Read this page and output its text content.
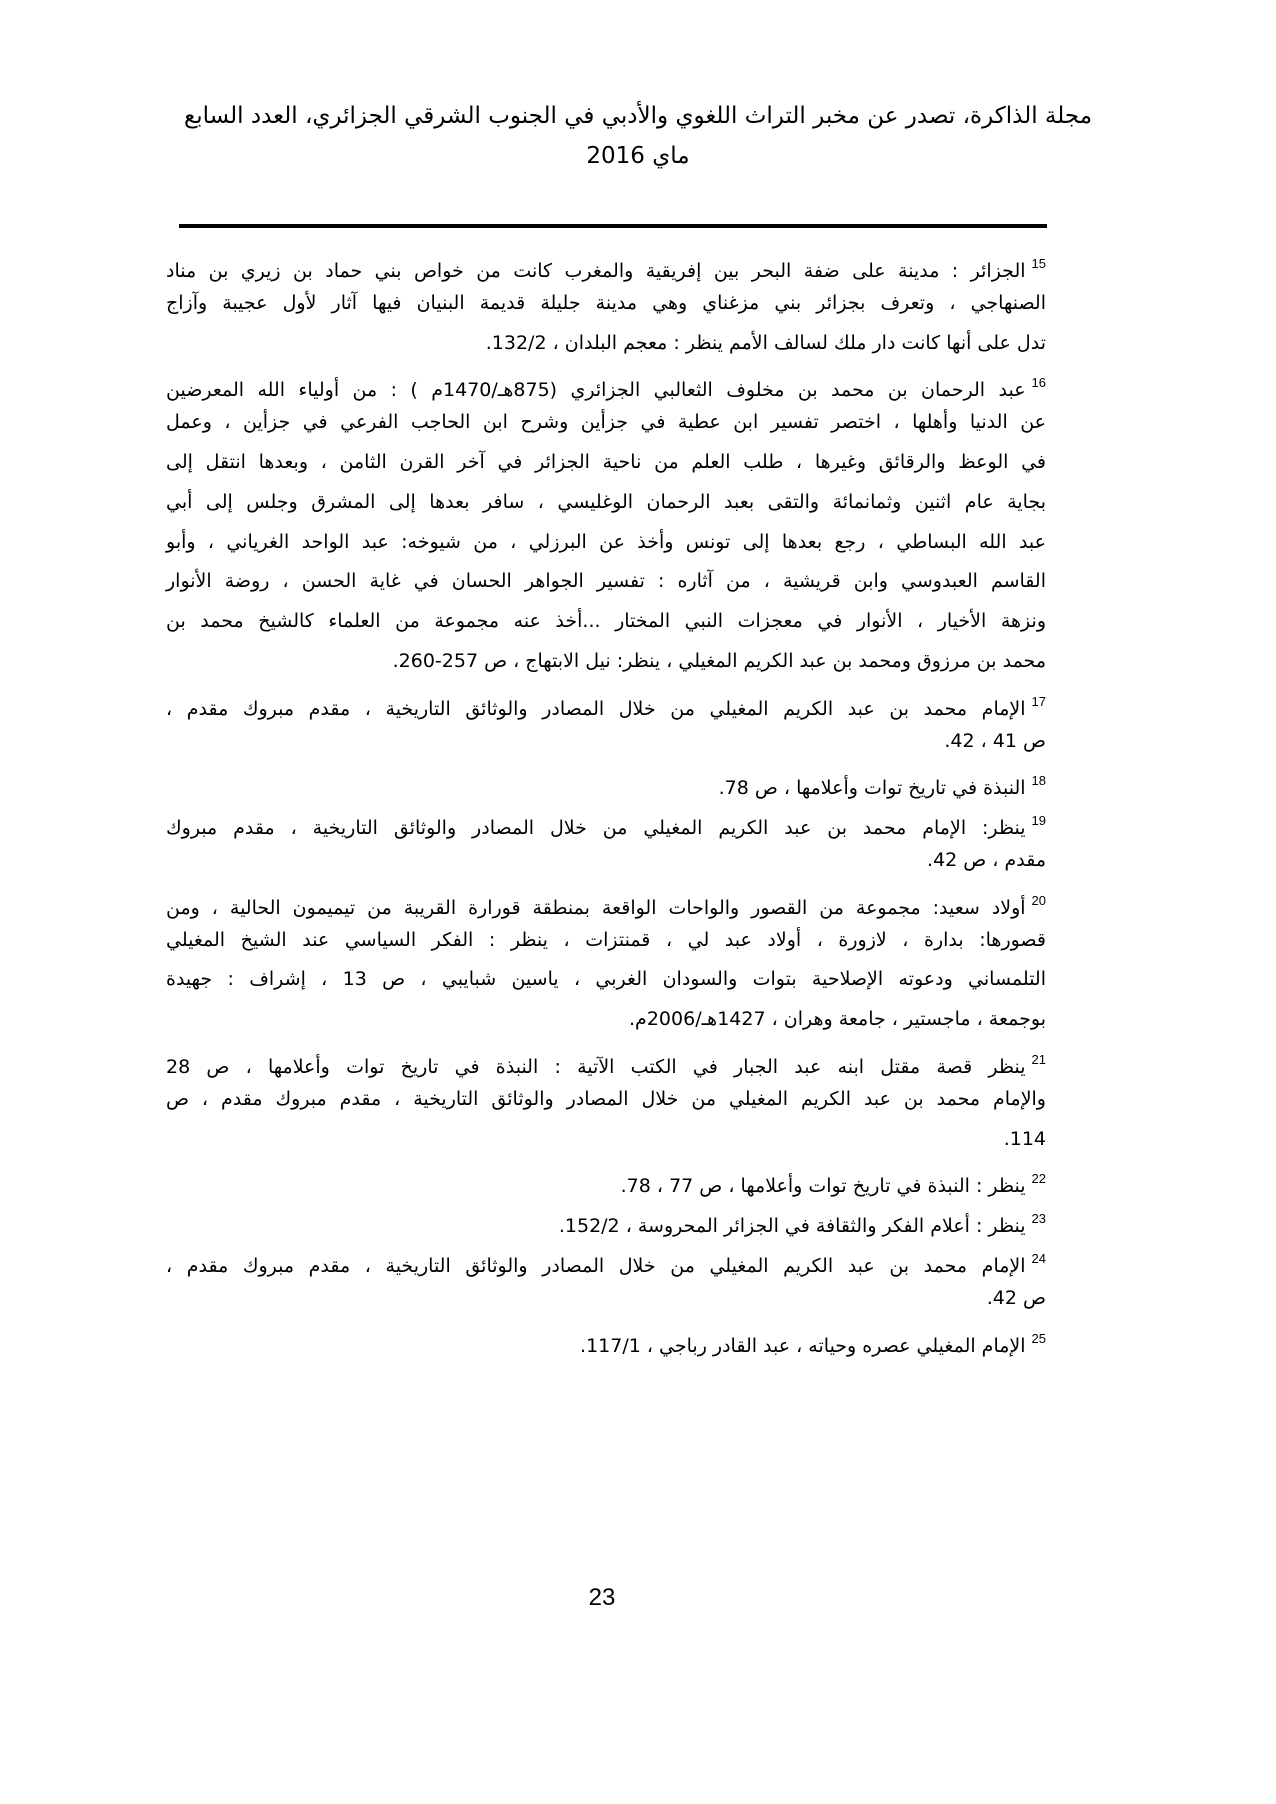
مجلة الذاكرة، تصدر عن مخبر التراث اللغوي والأدبي في الجنوب الشرقي الجزائري، العدد السابع
ماي 2016
$^{15}$الجزائر : مدينة على ضفة البحر بين إفريقية والمغرب كانت من خواص بني حماد بن زيري بن مناد
الصنهاجي ، وتعرف بجزائر بني مزغناي وهي مدينة جليلة قديمة البنيان فيها آثار لأول عجيبة وآزاج
تدل على أنها كانت دار ملك لسالف الأمم ينظر : معجم البلدان ، 132/2.
$^{16}$عبد الرحمان بن محمد بن مخلوف الثعالبي الجزائري (875هـ/1470م ) : من أولياء الله المعرضين
عن الدنيا وأهلها ، اختصر تفسير ابن عطية في جزأين وشرح ابن الحاجب الفرعي في جزأين ، وعمل
في الوعظ والرقائق وغيرها ، طلب العلم من ناحية الجزائر في آخر القرن الثامن ، وبعدها انتقل إلى
بجاية عام اثنين وثمانمائة والتقى بعبد الرحمان الوغليسي ، سافر بعدها إلى المشرق وجلس إلى أبي
عبد الله البساطي ، رجع بعدها إلى تونس وأخذ عن البرزلي ، من شيوخه: عبد الواحد الغرياني ، وأبو
القاسم العبدوسي وابن قريشية ، من آثاره : تفسير الجواهر الحسان في غاية الحسن ، روضة الأنوار
ونزهة الأخيار ، الأنوار في معجزات النبي المختار ...أخذ عنه مجموعة من العلماء كالشيخ محمد بن
محمد بن مرزوق ومحمد بن عبد الكريم المغيلي ، ينظر: نيل الابتهاج ، ص 257-260.
$^{17}$الإمام محمد بن عبد الكريم المغيلي من خلال المصادر والوثائق التاريخية ، مقدم مبروك مقدم ،
ص 41 ، 42.
$^{18}$النبذة في تاريخ توات وأعلامها ، ص 78.
$^{19}$ينظر: الإمام محمد بن عبد الكريم المغيلي من خلال المصادر والوثائق التاريخية ، مقدم مبروك
مقدم ، ص 42.
$^{20}$أولاد سعيد: مجموعة من القصور والواحات الواقعة بمنطقة قورارة القريبة من تيميمون الحالية ، ومن
قصورها: بدارة ، لازورة ، أولاد عبد لي ، قمنتزات ، ينظر : الفكر السياسي عند الشيخ المغيلي
التلمساني ودعوته الإصلاحية بتوات والسودان الغربي ، ياسين شبايبي ، ص 13 ، إشراف : جهيدة
بوجمعة ، ماجستير ، جامعة وهران ، 1427هـ/2006م.
$^{21}$ينظر قصة مقتل ابنه عبد الجبار في الكتب الآتية : النبذة في تاريخ توات وأعلامها ، ص 28
والإمام محمد بن عبد الكريم المغيلي من خلال المصادر والوثائق التاريخية ، مقدم مبروك مقدم ، ص
114.
$^{22}$ينظر : النبذة في تاريخ توات وأعلامها ، ص 77 ، 78.
$^{23}$ينظر : أعلام الفكر والثقافة في الجزائر المحروسة ، 152/2.
$^{24}$الإمام محمد بن عبد الكريم المغيلي من خلال المصادر والوثائق التاريخية ، مقدم مبروك مقدم ،
ص 42.
$^{25}$الإمام المغيلي عصره وحياته ، عبد القادر رباجي ، 117/1.
23
